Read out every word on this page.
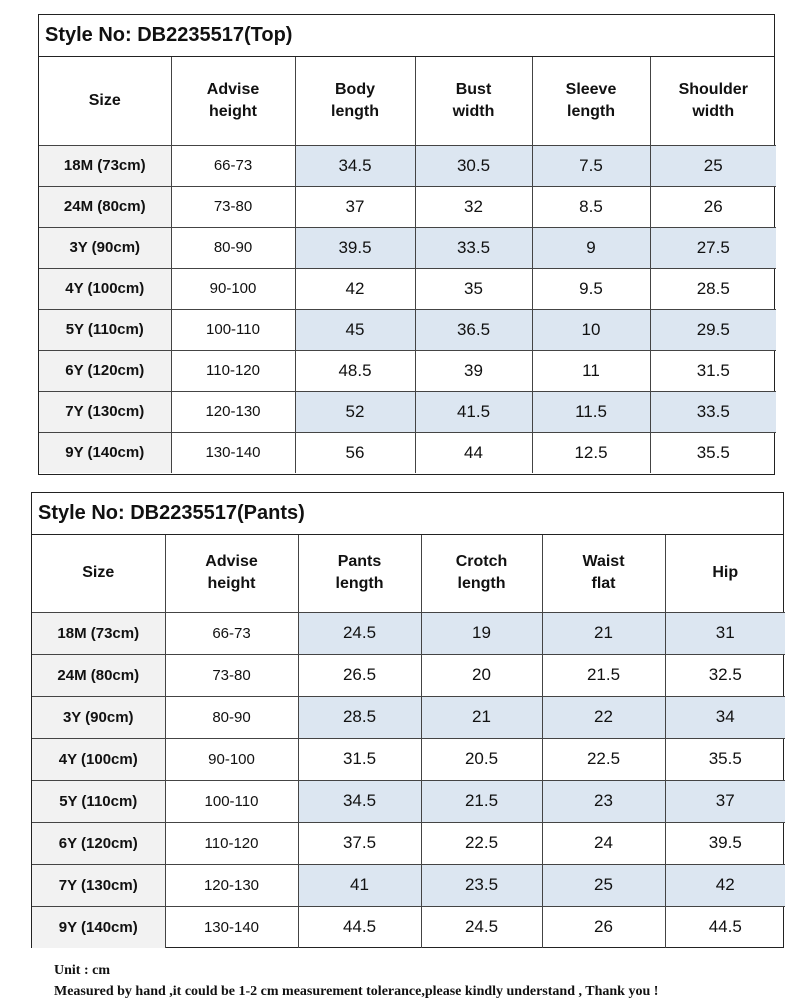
Style No: DB2235517(Top)
Size	Advise height	Body length	Bust width	Sleeve length	Shoulder width
18M (73cm)	66-73	34.5	30.5	7.5	25
24M (80cm)	73-80	37	32	8.5	26
3Y (90cm)	80-90	39.5	33.5	9	27.5
4Y (100cm)	90-100	42	35	9.5	28.5
5Y (110cm)	100-110	45	36.5	10	29.5
6Y (120cm)	110-120	48.5	39	11	31.5
7Y (130cm)	120-130	52	41.5	11.5	33.5
9Y (140cm)	130-140	56	44	12.5	35.5
Style No: DB2235517(Pants)
Size	Advise height	Pants length	Crotch length	Waist flat	Hip
18M (73cm)	66-73	24.5	19	21	31
24M (80cm)	73-80	26.5	20	21.5	32.5
3Y (90cm)	80-90	28.5	21	22	34
4Y (100cm)	90-100	31.5	20.5	22.5	35.5
5Y (110cm)	100-110	34.5	21.5	23	37
6Y (120cm)	110-120	37.5	22.5	24	39.5
7Y (130cm)	120-130	41	23.5	25	42
9Y (140cm)	130-140	44.5	24.5	26	44.5
Unit : cm
Measured by hand ,it could be 1-2 cm measurement tolerance,please kindly understand , Thank you !
